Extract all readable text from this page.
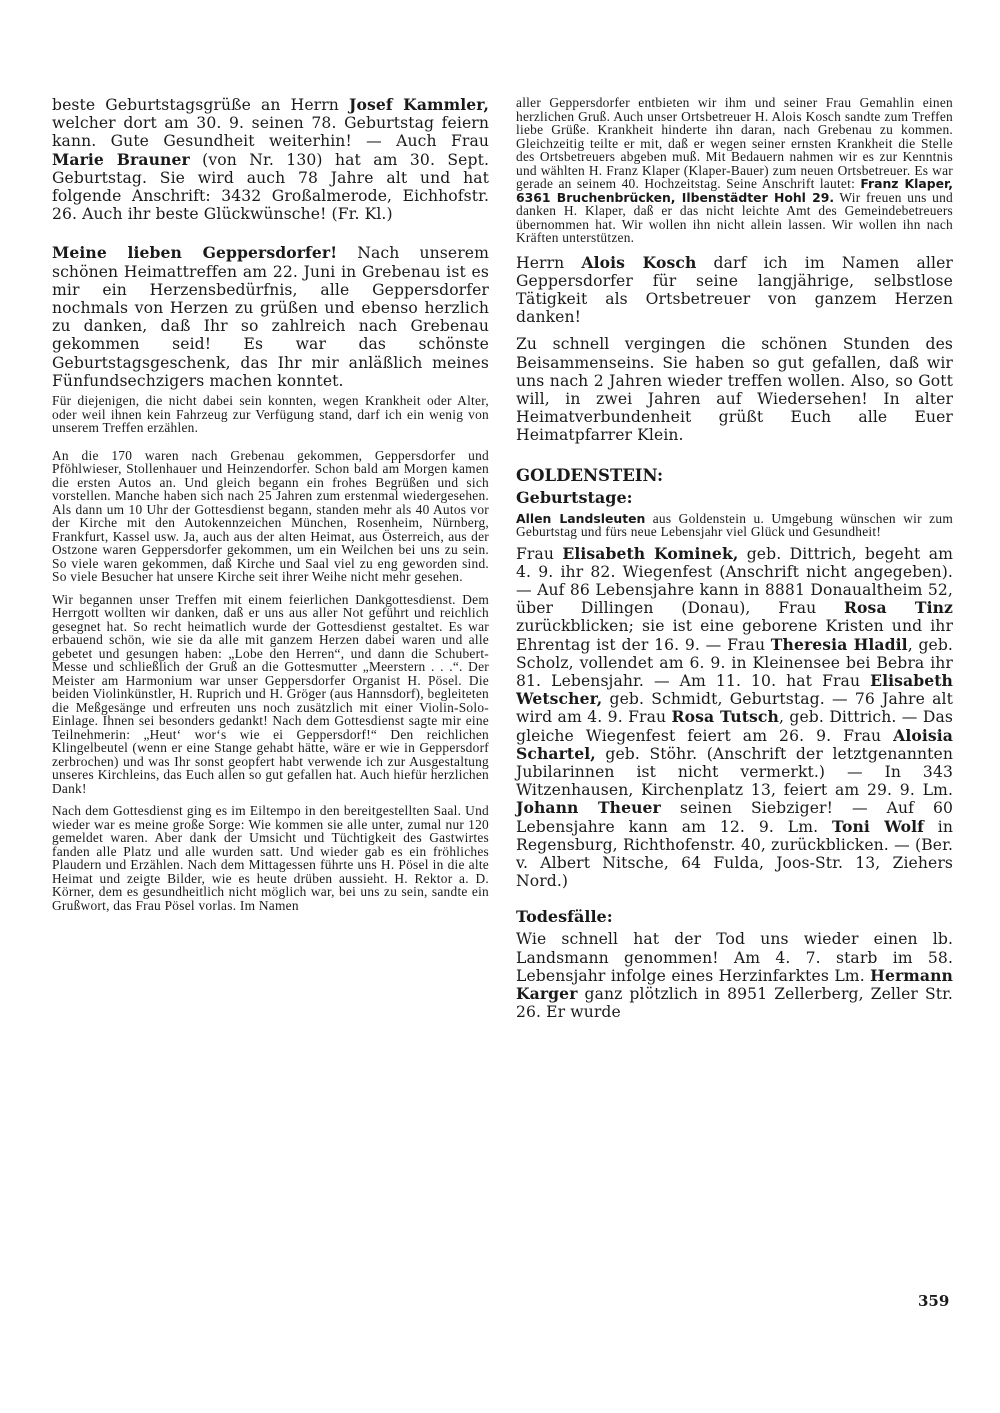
beste Geburtstagsgrüße an Herrn Josef Kammler, welcher dort am 30. 9. seinen 78. Geburtstag feiern kann. Gute Gesundheit weiterhin! — Auch Frau Marie Brauner (von Nr. 130) hat am 30. Sept. Geburtstag. Sie wird auch 78 Jahre alt und hat folgende Anschrift: 3432 Großalmerode, Eichhofstr. 26. Auch ihr beste Glückwünsche! (Fr. Kl.)

Meine lieben Geppersdorfer! Nach unserem schönen Heimattreffen am 22. Juni in Grebenau ist es mir ein Herzensbedürfnis, alle Geppersdorfer nochmals von Herzen zu grüßen und ebenso herzlich zu danken, daß Ihr so zahlreich nach Grebenau gekommen seid! Es war das schönste Geburtstagsgeschenk, das Ihr mir anläßlich meines Fünfundsechzigers machen konntet.

Für diejenigen, die nicht dabei sein konnten, wegen Krankheit oder Alter, oder weil ihnen kein Fahrzeug zur Verfügung stand, darf ich ein wenig von unserem Treffen erzählen.

An die 170 waren nach Grebenau gekommen, Geppersdorfer und Pföhlwieser, Stollenhauer und Heinzendorfer. Schon bald am Morgen kamen die ersten Autos an. Und gleich begann ein frohes Begrüßen und sich vorstellen. Manche haben sich nach 25 Jahren zum erstenmal wiedergesehen. Als dann um 10 Uhr der Gottesdienst begann, standen mehr als 40 Autos vor der Kirche mit den Autokennzeichen München, Rosenheim, Nürnberg, Frankfurt, Kassel usw. Ja, auch aus der alten Heimat, aus Österreich, aus der Ostzone waren Geppersdorfer gekommen, um ein Weilchen bei uns zu sein. So viele waren gekommen, daß Kirche und Saal viel zu eng geworden sind. So viele Besucher hat unsere Kirche seit ihrer Weihe nicht mehr gesehen.

Wir begannen unser Treffen mit einem feierlichen Dankgottesdienst. Dem Herrgott wollten wir danken, daß er uns aus aller Not geführt und reichlich gesegnet hat. So recht heimatlich wurde der Gottesdienst gestaltet. Es war erbauend schön, wie sie da alle mit ganzem Herzen dabei waren und alle gebetet und gesungen haben: „Lobe den Herren“, und dann die Schubert-Messe und schließlich der Gruß an die Gottesmutter „Meerstern . . .“. Der Meister am Harmonium war unser Geppersdorfer Organist H. Pösel. Die beiden Violinkünstler, H. Ruprich und H. Gröger (aus Hannsdorf), begleiteten die Meßgesänge und erfreuten uns noch zusätzlich mit einer Violin-Solo-Einlage. Ihnen sei besonders gedankt! Nach dem Gottesdienst sagte mir eine Teilnehmerin: „Heut‘ wor‘s wie ei Geppersdorf!“ Den reichlichen Klingelbeutel (wenn er eine Stange gehabt hätte, wäre er wie in Geppersdorf zerbrochen) und was Ihr sonst geopfert habt verwende ich zur Ausgestaltung unseres Kirchleins, das Euch allen so gut gefallen hat. Auch hiefür herzlichen Dank!

Nach dem Gottesdienst ging es im Eiltempo in den bereitgestellten Saal. Und wieder war es meine große Sorge: Wie kommen sie alle unter, zumal nur 120 gemeldet waren. Aber dank der Umsicht und Tüchtigkeit des Gastwirtes fanden alle Platz und alle wurden satt. Und wieder gab es ein fröhliches Plaudern und Erzählen. Nach dem Mittagessen führte uns H. Pösel in die alte Heimat und zeigte Bilder, wie es heute drüben aussieht. H. Rektor a. D. Körner, dem es gesundheitlich nicht möglich war, bei uns zu sein, sandte ein Grußwort, das Frau Pösel vorlas. Im Namen

aller Geppersdorfer entbieten wir ihm und seiner Frau Gemahlin einen herzlichen Gruß. Auch unser Ortsbetreuer H. Alois Kosch sandte zum Treffen liebe Grüße. Krankheit hinderte ihn daran, nach Grebenau zu kommen. Gleichzeitig teilte er mit, daß er wegen seiner ernsten Krankheit die Stelle des Ortsbetreuers abgeben muß. Mit Bedauern nahmen wir es zur Kenntnis und wählten H. Franz Klaper (Klaper-Bauer) zum neuen Ortsbetreuer. Es war gerade an seinem 40. Hochzeitstag. Seine Anschrift lautet: Franz Klaper, 6361 Bruchenbrücken, Ilbenstädter Hohl 29. Wir freuen uns und danken H. Klaper, daß er das nicht leichte Amt des Gemeindebetreuers übernommen hat. Wir wollen ihn nicht allein lassen. Wir wollen ihn nach Kräften unterstützen.

Herrn Alois Kosch darf ich im Namen aller Geppersdorfer für seine langjährige, selbstlose Tätigkeit als Ortsbetreuer von ganzem Herzen danken!

Zu schnell vergingen die schönen Stunden des Beisammenseins. Sie haben so gut gefallen, daß wir uns nach 2 Jahren wieder treffen wollen. Also, so Gott will, in zwei Jahren auf Wiedersehen! In alter Heimatverbundenheit grüßt Euch alle Euer Heimatpfarrer Klein.

GOLDENSTEIN:
Geburtstage:

Allen Landsleuten aus Goldenstein u. Umgebung wünschen wir zum Geburtstag und fürs neue Lebensjahr viel Glück und Gesundheit!

Frau Elisabeth Kominek, geb. Dittrich, begeht am 4. 9. ihr 82. Wiegenfest (Anschrift nicht angegeben). — Auf 86 Lebensjahre kann in 8881 Donaualtheim 52, über Dillingen (Donau), Frau Rosa Tinz zurückblicken; sie ist eine geborene Kristen und ihr Ehrentag ist der 16. 9. — Frau Theresia Hladil, geb. Scholz, vollendet am 6. 9. in Kleinensee bei Bebra ihr 81. Lebensjahr. — Am 11. 10. hat Frau Elisabeth Wetscher, geb. Schmidt, Geburtstag. — 76 Jahre alt wird am 4. 9. Frau Rosa Tutsch, geb. Dittrich. — Das gleiche Wiegenfest feiert am 26. 9. Frau Aloisia Schartel, geb. Stöhr. (Anschrift der letztgenannten Jubilarinnen ist nicht vermerkt.) — In 343 Witzenhausen, Kirchenplatz 13, feiert am 29. 9. Lm. Johann Theuer seinen Siebziger! — Auf 60 Lebensjahre kann am 12. 9. Lm. Toni Wolf in Regensburg, Richthofenstr. 40, zurückblicken. — (Ber. v. Albert Nitsche, 64 Fulda, Joos-Str. 13, Ziehers Nord.)

Todesfälle:

Wie schnell hat der Tod uns wieder einen lb. Landsmann genommen! Am 4. 7. starb im 58. Lebensjahr infolge eines Herzinfarktes Lm. Hermann Karger ganz plötzlich in 8951 Zellerberg, Zeller Str. 26. Er wurde

359
